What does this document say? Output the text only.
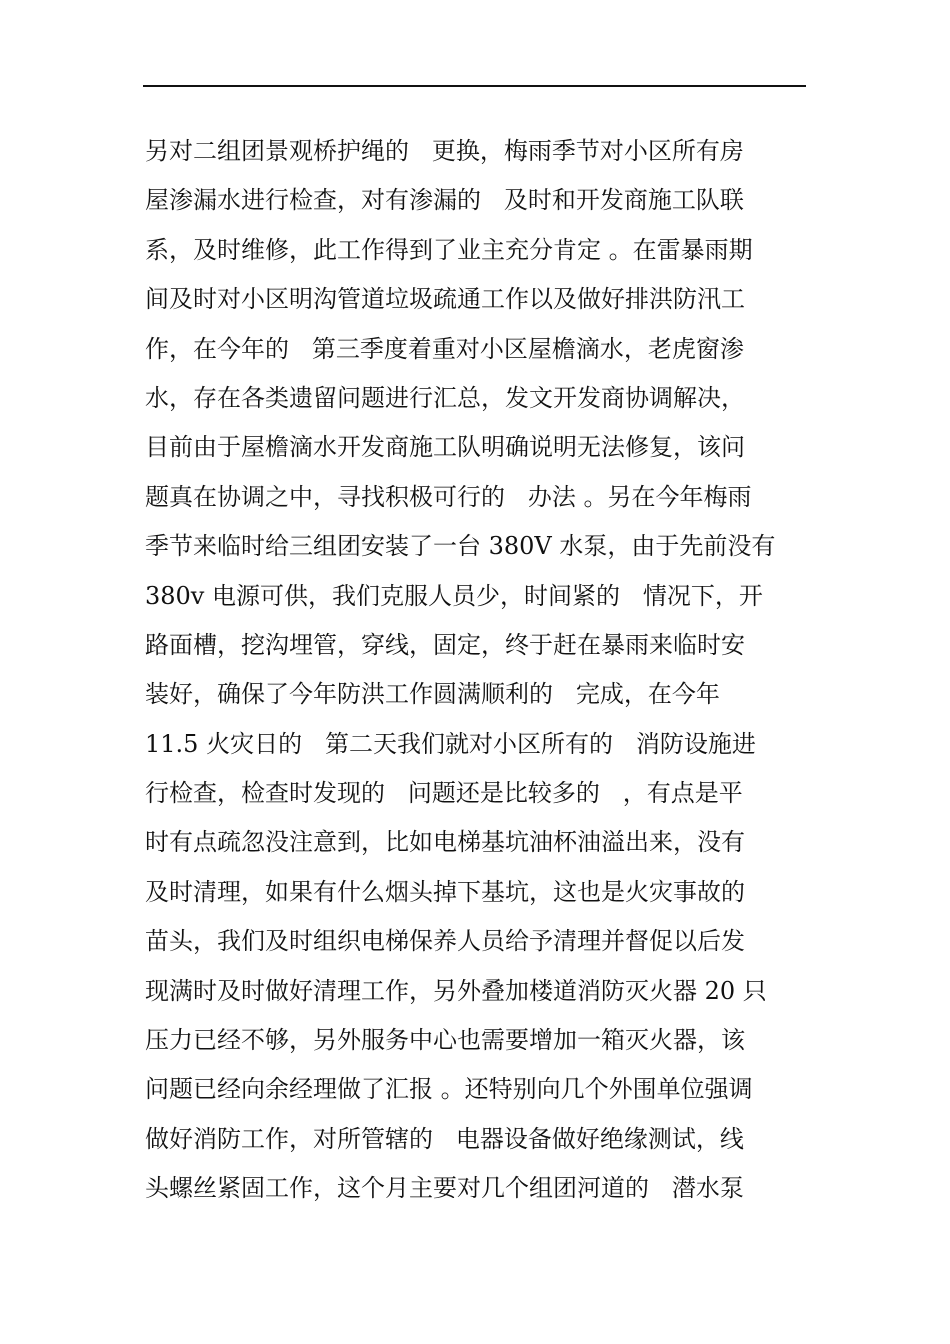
另对二组团景观桥护绳的   更换，梅雨季节对小区所有房
屋渗漏水进行检查，对有渗漏的   及时和开发商施工队联
系，及时维修，此工作得到了业主充分肯定 。在雷暴雨期
间及时对小区明沟管道垃圾疏通工作以及做好排洪防汛工
作，在今年的   第三季度着重对小区屋檐滴水，老虎窗渗
水，存在各类遗留问题进行汇总，发文开发商协调解决，
目前由于屋檐滴水开发商施工队明确说明无法修复，该问
题真在协调之中，寻找积极可行的   办法 。另在今年梅雨
季节来临时给三组团安装了一台 380V 水泵，由于先前没有
380v 电源可供，我们克服人员少，时间紧的   情况下，开
路面槽，挖沟埋管，穿线，固定，终于赶在暴雨来临时安
装好，确保了今年防洪工作圆满顺利的   完成，在今年
11.5 火灾日的   第二天我们就对小区所有的   消防设施进
行检查，检查时发现的   问题还是比较多的   ，有点是平
时有点疏忽没注意到，比如电梯基坑油杯油溢出来，没有
及时清理，如果有什么烟头掉下基坑，这也是火灾事故的
苗头，我们及时组织电梯保养人员给予清理并督促以后发
现满时及时做好清理工作，另外叠加楼道消防灭火器 20 只
压力已经不够，另外服务中心也需要增加一箱灭火器，该
问题已经向余经理做了汇报 。还特别向几个外围单位强调
做好消防工作，对所管辖的   电器设备做好绝缘测试，线
头螺丝紧固工作，这个月主要对几个组团河道的   潜水泵
